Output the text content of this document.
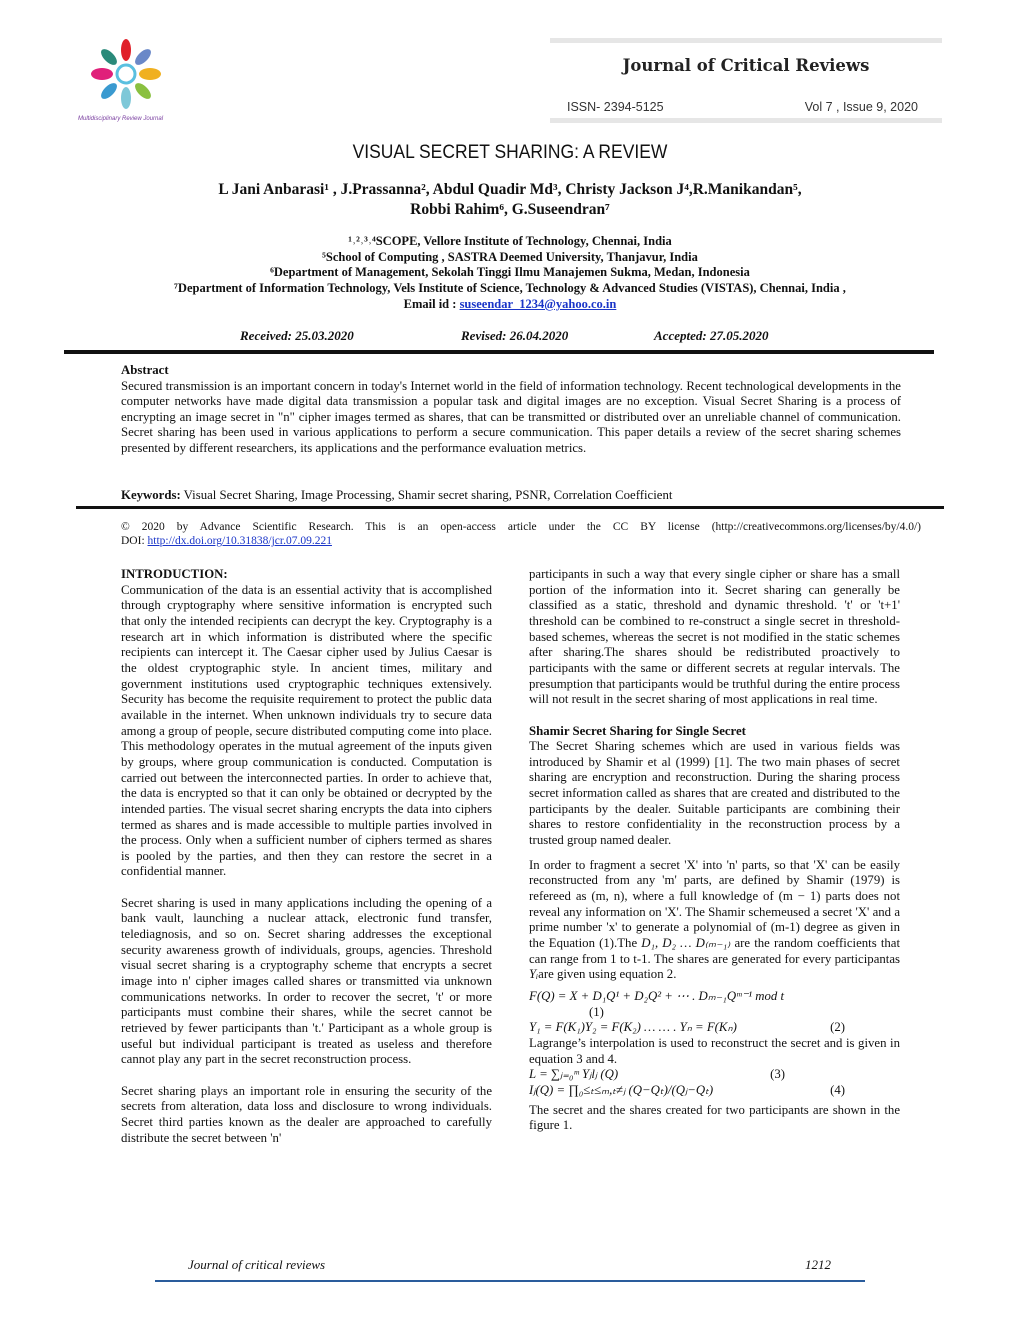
Multidisciplinary Review Journal
Journal of Critical Reviews
ISSN- 2394-5125	Vol 7 , Issue 9, 2020
VISUAL SECRET SHARING: A REVIEW
L Jani Anbarasi¹ , J.Prassanna², Abdul Quadir Md³, Christy Jackson J⁴,R.Manikandan⁵,
Robbi Rahim⁶, G.Suseendran⁷
¹˒²˒³˒⁴SCOPE, Vellore Institute of Technology, Chennai, India
⁵School of Computing , SASTRA Deemed University, Thanjavur, India
⁶Department of Management, Sekolah Tinggi Ilmu Manajemen Sukma, Medan, Indonesia
⁷Department of Information Technology, Vels Institute of Science, Technology & Advanced Studies (VISTAS), Chennai, India ,
Email id : suseendar_1234@yahoo.co.in
Received: 25.03.2020	Revised: 26.04.2020	Accepted: 27.05.2020
Abstract
Secured transmission is an important concern in today's Internet world in the field of information technology. Recent technological developments in the computer networks have made digital data transmission a popular task and digital images are no exception. Visual Secret Sharing is a process of encrypting an image secret in "n" cipher images termed as shares, that can be transmitted or distributed over an unreliable channel of communication. Secret sharing has been used in various applications to perform a secure communication. This paper details a review of the secret sharing schemes presented by different researchers, its applications and the performance evaluation metrics.
Keywords: Visual Secret Sharing, Image Processing, Shamir secret sharing, PSNR, Correlation Coefficient
© 2020 by Advance Scientific Research. This is an open-access article under the CC BY license (http://creativecommons.org/licenses/by/4.0/)
DOI: http://dx.doi.org/10.31838/jcr.07.09.221
INTRODUCTION:

Communication of the data is an essential activity that is accomplished through cryptography where sensitive information is encrypted such that only the intended recipients can decrypt the key. Cryptography is a research art in which information is distributed where the specific recipients can intercept it. The Caesar cipher used by Julius Caesar is the oldest cryptographic style. In ancient times, military and government institutions used cryptographic techniques extensively. Security has become the requisite requirement to protect the public data available in the internet. When unknown individuals try to secure data among a group of people, secure distributed computing come into place. This methodology operates in the mutual agreement of the inputs given by groups, where group communication is conducted. Computation is carried out between the interconnected parties. In order to achieve that, the data is encrypted so that it can only be obtained or decrypted by the intended parties. The visual secret sharing encrypts the data into ciphers termed as shares and is made accessible to multiple parties involved in the process. Only when a sufficient number of ciphers termed as shares is pooled by the parties, and then they can restore the secret in a confidential manner.

Secret sharing is used in many applications including the opening of a bank vault, launching a nuclear attack, electronic fund transfer, telediagnosis, and so on. Secret sharing addresses the exceptional security awareness growth of individuals, groups, agencies. Threshold visual secret sharing is a cryptography scheme that encrypts a secret image into n' cipher images called shares or transmitted via unknown communications networks. In order to recover the secret, 't' or more participants must combine their shares, while the secret cannot be retrieved by fewer participants than 't.' Participant as a whole group is useful but individual participant is treated as useless and therefore cannot play any part in the secret reconstruction process.

Secret sharing plays an important role in ensuring the security of the secrets from alteration, data loss and disclosure to wrong individuals. Secret third parties known as the dealer are approached to carefully distribute the secret between 'n'

participants in such a way that every single cipher or share has a small portion of the information into it. Secret sharing can generally be classified as a static, threshold and dynamic threshold. 't' or 't+1' threshold can be combined to re-construct a single secret in threshold-based schemes, whereas the secret is not modified in the static schemes after sharing.The shares should be redistributed proactively to participants with the same or different secrets at regular intervals. The presumption that participants would be truthful during the entire process will not result in the secret sharing of most applications in real time.

Shamir Secret Sharing for Single Secret

The Secret Sharing schemes which are used in various fields was introduced by Shamir et al (1999) [1]. The two main phases of secret sharing are encryption and reconstruction. During the sharing process secret information called as shares that are created and distributed to the participants by the dealer. Suitable participants are combining their shares to restore confidentiality in the reconstruction process by a trusted group named dealer.

In order to fragment a secret 'X' into 'n' parts, so that 'X' can be easily reconstructed from any 'm' parts, are defined by Shamir (1979) is refereed as (m, n), where a full knowledge of (m − 1) parts does not reveal any information on 'X'. The Shamir schemeused a secret 'X' and a prime number 'x' to generate a polynomial of (m-1) degree as given in the Equation (1).The D₁, D₂ … D₍ₘ₋₁₎ are the random coefficients that can range from 1 to t-1. The shares are generated for every participantas Yᵢare given using equation 2.

F(Q) = X + D₁Q¹ + D₂Q² + ⋯ . Dₘ₋₁Qᵐ⁻¹ mod t
(1)
Y₁ = F(K₁)Y₂ = F(K₂) … … . Yₙ = F(Kₙ)	(2)
Lagrange’s interpolation is used to reconstruct the secret and is given in equation 3 and 4.
L = ∑ⱼ₌₀ᵐ Yⱼlⱼ (Q)	(3)
Iⱼ(Q) = ∏₀≤ₜ≤ₘ,ₜ≠ⱼ (Q−Qₜ)/(Qⱼ−Qₜ)	(4)
The secret and the shares created for two participants are shown in the figure 1.
Journal of critical reviews	1212
